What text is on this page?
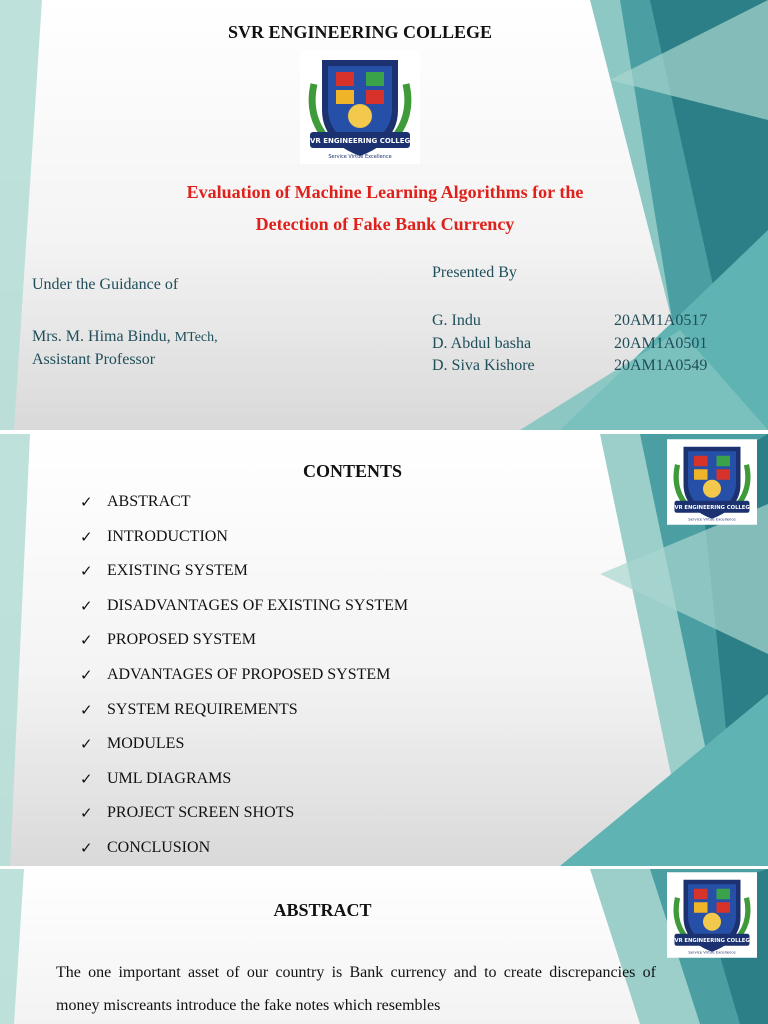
SVR ENGINEERING COLLEGE
SVR ENGINEERING COLLEGE
Service Virtue Excellence
Evaluation of Machine Learning Algorithms for the
Detection of Fake Bank Currency
Under the Guidance of
Mrs. M. Hima Bindu, MTech,
Assistant Professor
Presented By
G. Indu	20AM1A0517
D. Abdul basha	20AM1A0501
D. Siva Kishore	20AM1A0549
SVR ENGINEERING COLLEGE
Service Virtue Excellence
CONTENTS
✓ ABSTRACT
✓ INTRODUCTION
✓ EXISTING SYSTEM
✓ DISADVANTAGES OF EXISTING SYSTEM
✓ PROPOSED SYSTEM
✓ ADVANTAGES OF PROPOSED SYSTEM
✓ SYSTEM REQUIREMENTS
✓ MODULES
✓ UML DIAGRAMS
✓ PROJECT SCREEN SHOTS
✓ CONCLUSION
SVR ENGINEERING COLLEGE
Service Virtue Excellence
ABSTRACT

The one important asset of our country is Bank currency and to create discrepancies of money miscreants introduce the fake notes which resembles
